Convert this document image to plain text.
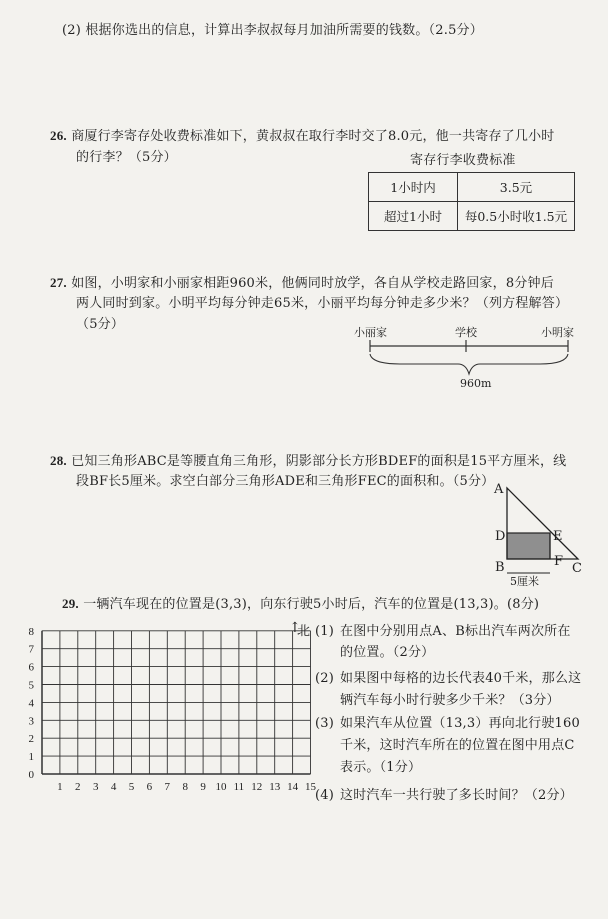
(2) 根据你选出的信息，计算出李叔叔每月加油所需要的钱数。（2.5分）
26. 商厦行李寄存处收费标准如下，黄叔叔在取行李时交了8.0元，他一共寄存了几小时
的行李？（5分）	寄存行李收费标准
1小时内	3.5元
超过1小时	每0.5小时收1.5元
27. 如图，小明家和小丽家相距960米，他俩同时放学，各自从学校走路回家，8分钟后
两人同时到家。小明平均每分钟走65米，小丽平均每分钟走多少米？（列方程解答）
（5分）
小丽家	学校	小明家
960m
28. 已知三角形ABC是等腰直角三角形，阴影部分长方形BDEF的面积是15平方厘米，线
段BF长5厘米。求空白部分三角形ADE和三角形FEC的面积和。（5分）
A
D	E
B	F C
5厘米
29. 一辆汽车现在的位置是(3,3)，向东行驶5小时后，汽车的位置是(13,3)。(8分)
0
1
2
3
4
5
6
7
8
1 2 3 4 5 6 7 8 9 10 11 12 13 14 15
↑
北 (1) 在图中分别用点A、B标出汽车两次所在
的位置。（2分）
(2) 如果图中每格的边长代表40千米，那么这
辆汽车每小时行驶多少千米？（3分）
(3) 如果汽车从位置（13,3）再向北行驶160
千米，这时汽车所在的位置在图中用点C
表示。（1分）
(4) 这时汽车一共行驶了多长时间？（2分）
